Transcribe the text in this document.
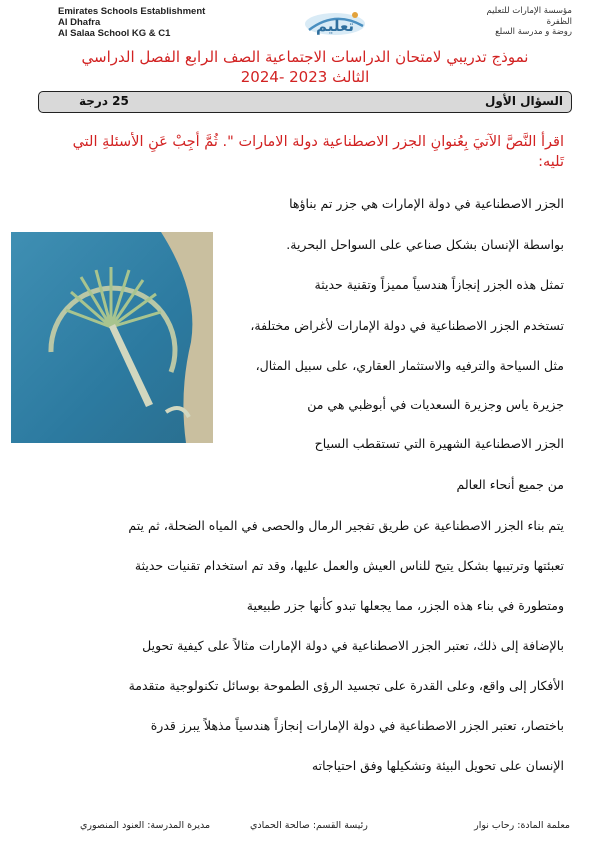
Emirates Schools Establishment
Al Dhafra
Al Salaa School KG & C1	تعليم
مؤسسة الإمارات للتعليم
الظفرة
روضة و مدرسة السلع
نموذج تدريبي لامتحان الدراسات الاجتماعية الصف الرابع الفصل الدراسي
الثالث 2023 -2024
السؤال الأول
25 درجة
اقرأ النَّصَّ الآتيَ بِعُنوانِ الجزر الاصطناعية دولة الامارات ". ثُمَّ أجِبْ عَنِ الأسئلةِ التي تَليه:
الجزر الاصطناعية في دولة الإمارات هي جزر تم بناؤها
بواسطة الإنسان بشكل صناعي على السواحل البحرية.
تمثل هذه الجزر إنجازاً هندسياً مميزاً وتقنية حديثة
تستخدم الجزر الاصطناعية في دولة الإمارات لأغراض مختلفة،
مثل السياحة والترفيه والاستثمار العقاري، على سبيل المثال،
جزيرة ياس وجزيرة السعديات في أبوظبي هي من
الجزر الاصطناعية الشهيرة التي تستقطب السياح
من جميع أنحاء العالم
يتم بناء الجزر الاصطناعية عن طريق تفجير الرمال والحصى في المياه الضحلة، ثم يتم
تعبئتها وترتيبها بشكل يتيح للناس العيش والعمل عليها، وقد تم استخدام تقنيات حديثة
ومتطورة في بناء هذه الجزر، مما يجعلها تبدو كأنها جزر طبيعية
بالإضافة إلى ذلك، تعتبر الجزر الاصطناعية في دولة الإمارات مثالاً على كيفية تحويل
الأفكار إلى واقع، وعلى القدرة على تجسيد الرؤى الطموحة بوسائل تكنولوجية متقدمة
باختصار، تعتبر الجزر الاصطناعية في دولة الإمارات إنجازاً هندسياً مذهلاً يبرز قدرة
الإنسان على تحويل البيئة وتشكيلها وفق احتياجاته
معلمة المادة: رحاب نوار
رئيسة القسم: صالحة الحمادي
مديرة المدرسة: العنود المنصوري
